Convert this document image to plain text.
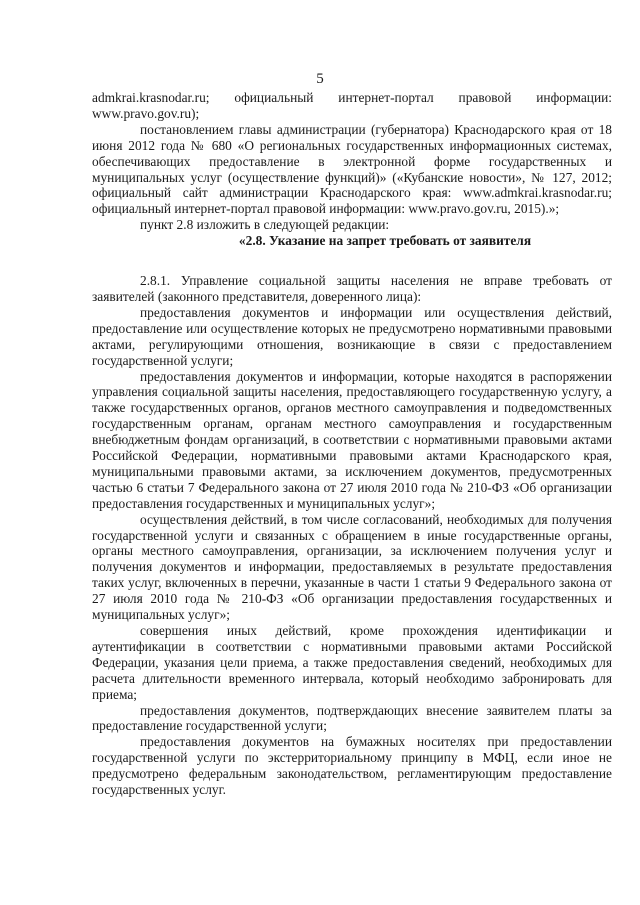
5

admkrai.krasnodar.ru; официальный интернет-портал правовой информации: www.pravo.gov.ru);

постановлением главы администрации (губернатора) Краснодарского края от 18 июня 2012 года № 680 «О региональных государственных информационных системах, обеспечивающих предоставление в электронной форме государственных и муниципальных услуг (осуществление функций)» («Кубанские новости», № 127, 2012; официальный сайт администрации Краснодарского края: www.admkrai.krasnodar.ru; официальный интернет-портал правовой информации: www.pravo.gov.ru, 2015).»;

пункт 2.8 изложить в следующей редакции:

«2.8. Указание на запрет требовать от заявителя

2.8.1. Управление социальной защиты населения не вправе требовать от заявителей (законного представителя, доверенного лица):

предоставления документов и информации или осуществления действий, предоставление или осуществление которых не предусмотрено нормативными правовыми актами, регулирующими отношения, возникающие в связи с предоставлением государственной услуги;

предоставления документов и информации, которые находятся в распоряжении управления социальной защиты населения, предоставляющего государственную услугу, а также государственных органов, органов местного самоуправления и подведомственных государственным органам, органам местного самоуправления и государственным внебюджетным фондам организаций, в соответствии с нормативными правовыми актами Российской Федерации, нормативными правовыми актами Краснодарского края, муниципальными правовыми актами, за исключением документов, предусмотренных частью 6 статьи 7 Федерального закона от 27 июля 2010 года № 210-ФЗ «Об организации предоставления государственных и муниципальных услуг»;

осуществления действий, в том числе согласований, необходимых для получения государственной услуги и связанных с обращением в иные государственные органы, органы местного самоуправления, организации, за исключением получения услуг и получения документов и информации, предоставляемых в результате предоставления таких услуг, включенных в перечни, указанные в части 1 статьи 9 Федерального закона от 27 июля 2010 года № 210-ФЗ «Об организации предоставления государственных и муниципальных услуг»;

совершения иных действий, кроме прохождения идентификации и аутентификации в соответствии с нормативными правовыми актами Российской Федерации, указания цели приема, а также предоставления сведений, необходимых для расчета длительности временного интервала, который необходимо забронировать для приема;

предоставления документов, подтверждающих внесение заявителем платы за предоставление государственной услуги;

предоставления документов на бумажных носителях при предоставлении государственной услуги по экстерриториальному принципу в МФЦ, если иное не предусмотрено федеральным законодательством, регламентирующим предоставление государственных услуг.
